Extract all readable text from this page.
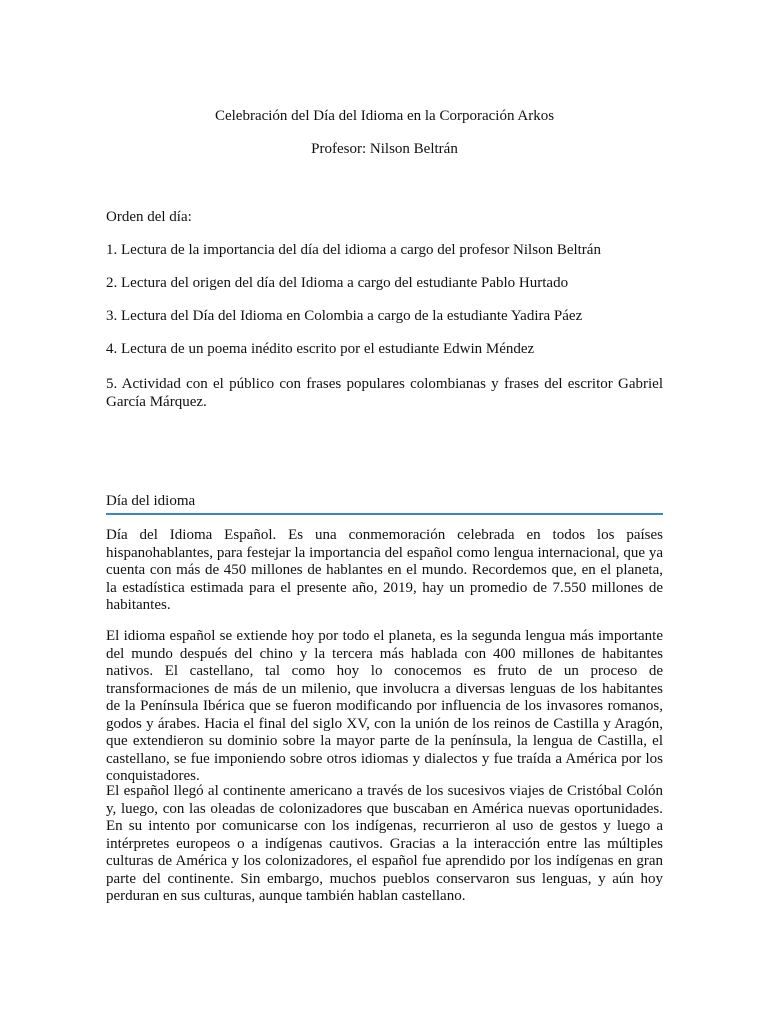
Celebración del Día del Idioma en la Corporación Arkos
Profesor: Nilson Beltrán
Orden del día:
1. Lectura de la importancia del día del idioma a cargo del profesor Nilson Beltrán
2. Lectura del origen del día del Idioma a cargo del estudiante Pablo Hurtado
3. Lectura del Día del Idioma en Colombia a cargo de la estudiante Yadira Páez
4. Lectura de un poema inédito escrito por el estudiante Edwin Méndez
5. Actividad con el público con frases populares colombianas y frases del escritor Gabriel García Márquez.
Día del idioma

Día del Idioma Español. Es una conmemoración celebrada en todos los países hispanohablantes, para festejar la importancia del español como lengua internacional, que ya cuenta con más de 450 millones de hablantes en el mundo. Recordemos que, en el planeta, la estadística estimada para el presente año, 2019, hay un promedio de 7.550 millones de habitantes.

El idioma español se extiende hoy por todo el planeta, es la segunda lengua más importante del mundo después del chino y la tercera más hablada con 400 millones de habitantes nativos. El castellano, tal como hoy lo conocemos es fruto de un proceso de transformaciones de más de un milenio, que involucra a diversas lenguas de los habitantes de la Península Ibérica que se fueron modificando por influencia de los invasores romanos, godos y árabes. Hacia el final del siglo XV, con la unión de los reinos de Castilla y Aragón, que extendieron su dominio sobre la mayor parte de la península, la lengua de Castilla, el castellano, se fue imponiendo sobre otros idiomas y dialectos y fue traída a América por los conquistadores.

El español llegó al continente americano a través de los sucesivos viajes de Cristóbal Colón y, luego, con las oleadas de colonizadores que buscaban en América nuevas oportunidades. En su intento por comunicarse con los indígenas, recurrieron al uso de gestos y luego a intérpretes europeos o a indígenas cautivos. Gracias a la interacción entre las múltiples culturas de América y los colonizadores, el español fue aprendido por los indígenas en gran parte del continente. Sin embargo, muchos pueblos conservaron sus lenguas, y aún hoy perduran en sus culturas, aunque también hablan castellano.
